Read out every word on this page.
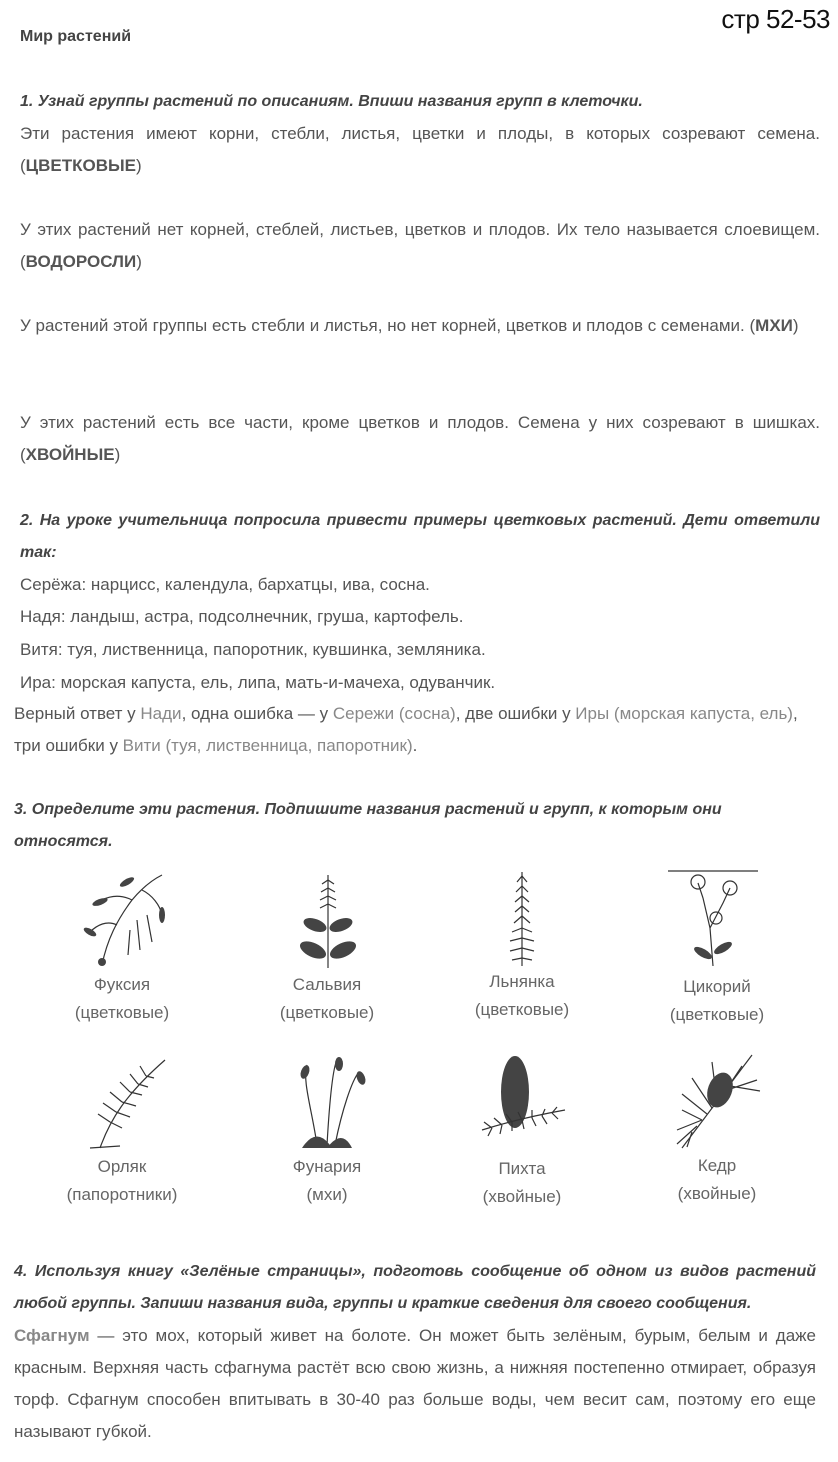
стр 52-53
Мир растений
1. Узнай группы растений по описаниям. Впиши названия групп в клеточки.
Эти растения имеют корни, стебли, листья, цветки и плоды, в которых созревают семена. (ЦВЕТКОВЫЕ)
У этих растений нет корней, стеблей, листьев, цветков и плодов. Их тело называется слоевищем. (ВОДОРОСЛИ)
У растений этой группы есть стебли и листья, но нет корней, цветков и плодов с семенами. (МХИ)
У этих растений есть все части, кроме цветков и плодов. Семена у них созревают в шишках. (ХВОЙНЫЕ)
2. На уроке учительница попросила привести примеры цветковых растений. Дети ответили так:
Серёжа: нарцисс, календула, бархатцы, ива, сосна.
Надя: ландыш, астра, подсолнечник, груша, картофель.
Витя: туя, лиственница, папоротник, кувшинка, земляника.
Ира: морская капуста, ель, липа, мать-и-мачеха, одуванчик.
Верный ответ у Нади, одна ошибка — у Сережи (сосна), две ошибки у Иры (морская капуста, ель), три ошибки у Вити (туя, лиственница, папоротник).
3. Определите эти растения. Подпишите названия растений и групп, к которым они относятся.
Фуксия
(цветковые)
Сальвия
(цветковые)
Льнянка
(цветковые)
Цикорий
(цветковые)
Орляк
(папоротники)
Фунария
(мхи)
Пихта
(хвойные)
Кедр
(хвойные)
4. Используя книгу «Зелёные страницы», подготовь сообщение об одном из видов растений любой группы. Запиши названия вида, группы и краткие сведения для своего сообщения.
Сфагнум — это мох, который живет на болоте. Он может быть зелёным, бурым, белым и даже красным. Верхняя часть сфагнума растёт всю свою жизнь, а нижняя постепенно отмирает, образуя торф. Сфагнум способен впитывать в 30-40 раз больше воды, чем весит сам, поэтому его еще называют губкой.
